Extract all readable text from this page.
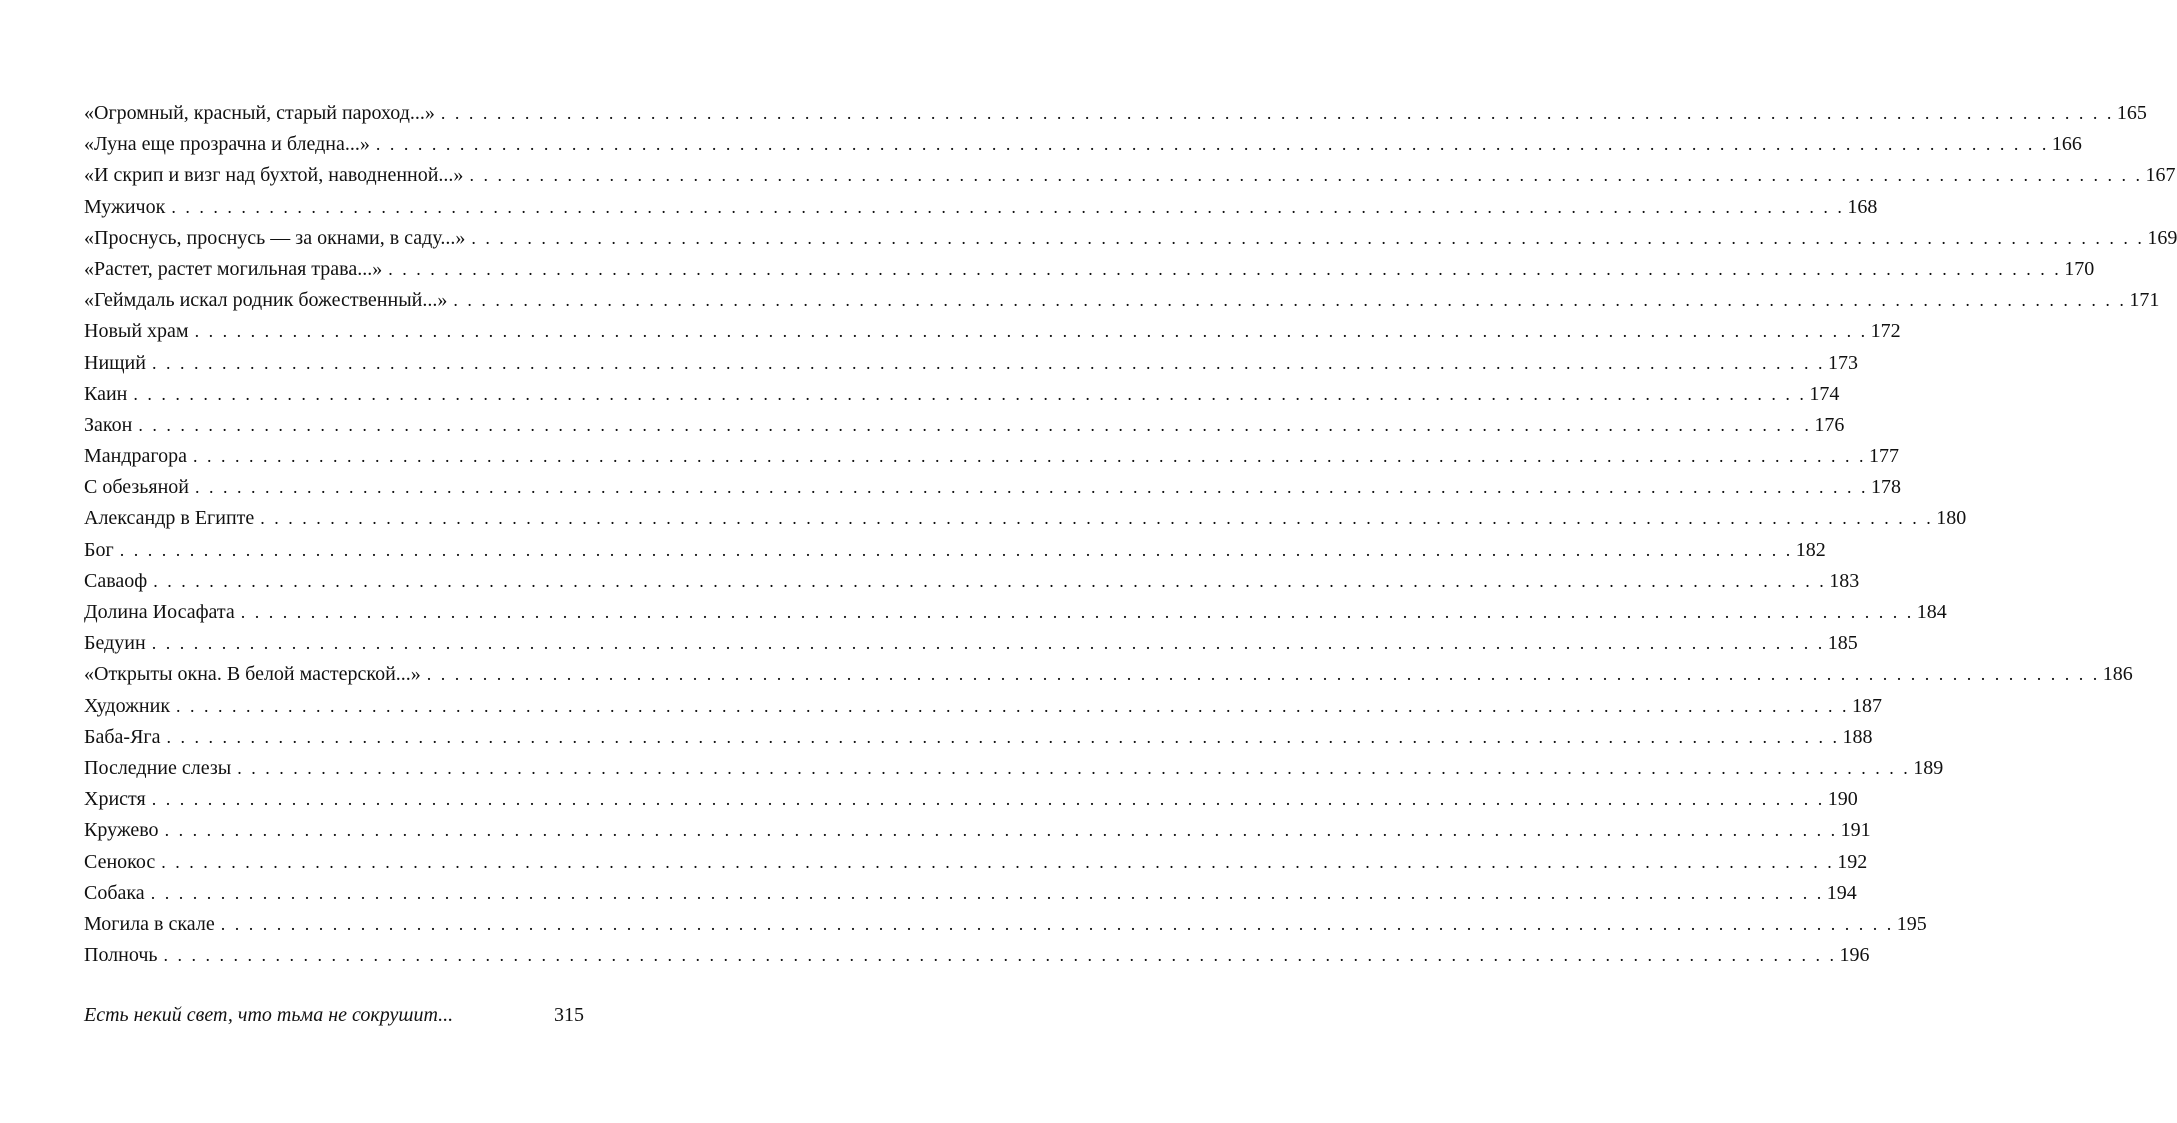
«Огромный, красный, старый пароход...» . . . . . . . . . . . . . . . . . . . . . . . . . . . . . . . . . . . . . . . . . . . . . . . . . . . . . . . . . . . . . . . . . . . . . . . . . . . . . . . . . . . . . . . . . . . . . . . . . . . . . . . . . . . . . . . . . . . . . . . . 165
«Луна еще прозрачна и бледна...» . . . . . . . . . . . . . . . . . . . . . . . . . . . . . . . . . . . . . . . . . . . . . . . . . . . . . . . . . . . . . . . . . . . . . . . . . . . . . . . . . . . . . . . . . . . . . . . . . . . . . . . . . . . . . . . . . . . . . . . . 166
«И скрип и визг над бухтой, наводненной...» . . . . . . . . . . . . . . . . . . . . . . . . . . . . . . . . . . . . . . . . . . . . . . . . . . . . . . . . . . . . . . . . . . . . . . . . . . . . . . . . . . . . . . . . . . . . . . . . . . . . . . . . . . . . . . . . . . . . . . . . 167
Мужичок . . . . . . . . . . . . . . . . . . . . . . . . . . . . . . . . . . . . . . . . . . . . . . . . . . . . . . . . . . . . . . . . . . . . . . . . . . . . . . . . . . . . . . . . . . . . . . . . . . . . . . . . . . . . . . . . . . . . . . . . 168
«Проснусь, проснусь — за окнами, в саду...» . . . . . . . . . . . . . . . . . . . . . . . . . . . . . . . . . . . . . . . . . . . . . . . . . . . . . . . . . . . . . . . . . . . . . . . . . . . . . . . . . . . . . . . . . . . . . . . . . . . . . . . . . . . . . . . . . . . . . . . . 169
«Растет, растет могильная трава...» . . . . . . . . . . . . . . . . . . . . . . . . . . . . . . . . . . . . . . . . . . . . . . . . . . . . . . . . . . . . . . . . . . . . . . . . . . . . . . . . . . . . . . . . . . . . . . . . . . . . . . . . . . . . . . . . . . . . . . . . 170
«Геймдаль искал родник божественный...» . . . . . . . . . . . . . . . . . . . . . . . . . . . . . . . . . . . . . . . . . . . . . . . . . . . . . . . . . . . . . . . . . . . . . . . . . . . . . . . . . . . . . . . . . . . . . . . . . . . . . . . . . . . . . . . . . . . . . . . . 171
Новый храм . . . . . . . . . . . . . . . . . . . . . . . . . . . . . . . . . . . . . . . . . . . . . . . . . . . . . . . . . . . . . . . . . . . . . . . . . . . . . . . . . . . . . . . . . . . . . . . . . . . . . . . . . . . . . . . . . . . . . . . . 172
Нищий . . . . . . . . . . . . . . . . . . . . . . . . . . . . . . . . . . . . . . . . . . . . . . . . . . . . . . . . . . . . . . . . . . . . . . . . . . . . . . . . . . . . . . . . . . . . . . . . . . . . . . . . . . . . . . . . . . . . . . . . 173
Каин . . . . . . . . . . . . . . . . . . . . . . . . . . . . . . . . . . . . . . . . . . . . . . . . . . . . . . . . . . . . . . . . . . . . . . . . . . . . . . . . . . . . . . . . . . . . . . . . . . . . . . . . . . . . . . . . . . . . . . . . 174
Закон . . . . . . . . . . . . . . . . . . . . . . . . . . . . . . . . . . . . . . . . . . . . . . . . . . . . . . . . . . . . . . . . . . . . . . . . . . . . . . . . . . . . . . . . . . . . . . . . . . . . . . . . . . . . . . . . . . . . . . . . 176
Мандрагора . . . . . . . . . . . . . . . . . . . . . . . . . . . . . . . . . . . . . . . . . . . . . . . . . . . . . . . . . . . . . . . . . . . . . . . . . . . . . . . . . . . . . . . . . . . . . . . . . . . . . . . . . . . . . . . . . . . . . . . . 177
С обезьяной . . . . . . . . . . . . . . . . . . . . . . . . . . . . . . . . . . . . . . . . . . . . . . . . . . . . . . . . . . . . . . . . . . . . . . . . . . . . . . . . . . . . . . . . . . . . . . . . . . . . . . . . . . . . . . . . . . . . . . . . 178
Александр в Египте . . . . . . . . . . . . . . . . . . . . . . . . . . . . . . . . . . . . . . . . . . . . . . . . . . . . . . . . . . . . . . . . . . . . . . . . . . . . . . . . . . . . . . . . . . . . . . . . . . . . . . . . . . . . . . . . . . . . . . . . 180
Бог . . . . . . . . . . . . . . . . . . . . . . . . . . . . . . . . . . . . . . . . . . . . . . . . . . . . . . . . . . . . . . . . . . . . . . . . . . . . . . . . . . . . . . . . . . . . . . . . . . . . . . . . . . . . . . . . . . . . . . . . 182
Саваоф . . . . . . . . . . . . . . . . . . . . . . . . . . . . . . . . . . . . . . . . . . . . . . . . . . . . . . . . . . . . . . . . . . . . . . . . . . . . . . . . . . . . . . . . . . . . . . . . . . . . . . . . . . . . . . . . . . . . . . . . 183
Долина Иосафата . . . . . . . . . . . . . . . . . . . . . . . . . . . . . . . . . . . . . . . . . . . . . . . . . . . . . . . . . . . . . . . . . . . . . . . . . . . . . . . . . . . . . . . . . . . . . . . . . . . . . . . . . . . . . . . . . . . . . . . . 184
Бедуин . . . . . . . . . . . . . . . . . . . . . . . . . . . . . . . . . . . . . . . . . . . . . . . . . . . . . . . . . . . . . . . . . . . . . . . . . . . . . . . . . . . . . . . . . . . . . . . . . . . . . . . . . . . . . . . . . . . . . . . . 185
«Открыты окна. В белой мастерской...» . . . . . . . . . . . . . . . . . . . . . . . . . . . . . . . . . . . . . . . . . . . . . . . . . . . . . . . . . . . . . . . . . . . . . . . . . . . . . . . . . . . . . . . . . . . . . . . . . . . . . . . . . . . . . . . . . . . . . . . . 186
Художник . . . . . . . . . . . . . . . . . . . . . . . . . . . . . . . . . . . . . . . . . . . . . . . . . . . . . . . . . . . . . . . . . . . . . . . . . . . . . . . . . . . . . . . . . . . . . . . . . . . . . . . . . . . . . . . . . . . . . . . . 187
Баба-Яга . . . . . . . . . . . . . . . . . . . . . . . . . . . . . . . . . . . . . . . . . . . . . . . . . . . . . . . . . . . . . . . . . . . . . . . . . . . . . . . . . . . . . . . . . . . . . . . . . . . . . . . . . . . . . . . . . . . . . . . . 188
Последние слезы . . . . . . . . . . . . . . . . . . . . . . . . . . . . . . . . . . . . . . . . . . . . . . . . . . . . . . . . . . . . . . . . . . . . . . . . . . . . . . . . . . . . . . . . . . . . . . . . . . . . . . . . . . . . . . . . . . . . . . . . 189
Христя . . . . . . . . . . . . . . . . . . . . . . . . . . . . . . . . . . . . . . . . . . . . . . . . . . . . . . . . . . . . . . . . . . . . . . . . . . . . . . . . . . . . . . . . . . . . . . . . . . . . . . . . . . . . . . . . . . . . . . . . 190
Кружево . . . . . . . . . . . . . . . . . . . . . . . . . . . . . . . . . . . . . . . . . . . . . . . . . . . . . . . . . . . . . . . . . . . . . . . . . . . . . . . . . . . . . . . . . . . . . . . . . . . . . . . . . . . . . . . . . . . . . . . . 191
Сенокос . . . . . . . . . . . . . . . . . . . . . . . . . . . . . . . . . . . . . . . . . . . . . . . . . . . . . . . . . . . . . . . . . . . . . . . . . . . . . . . . . . . . . . . . . . . . . . . . . . . . . . . . . . . . . . . . . . . . . . . . 192
Собака . . . . . . . . . . . . . . . . . . . . . . . . . . . . . . . . . . . . . . . . . . . . . . . . . . . . . . . . . . . . . . . . . . . . . . . . . . . . . . . . . . . . . . . . . . . . . . . . . . . . . . . . . . . . . . . . . . . . . . . . 194
Могила в скале . . . . . . . . . . . . . . . . . . . . . . . . . . . . . . . . . . . . . . . . . . . . . . . . . . . . . . . . . . . . . . . . . . . . . . . . . . . . . . . . . . . . . . . . . . . . . . . . . . . . . . . . . . . . . . . . . . . . . . . . 195
Полночь . . . . . . . . . . . . . . . . . . . . . . . . . . . . . . . . . . . . . . . . . . . . . . . . . . . . . . . . . . . . . . . . . . . . . . . . . . . . . . . . . . . . . . . . . . . . . . . . . . . . . . . . . . . . . . . . . . . . . . . . 196
Есть некий свет, что тьма не сокрушит...	315
